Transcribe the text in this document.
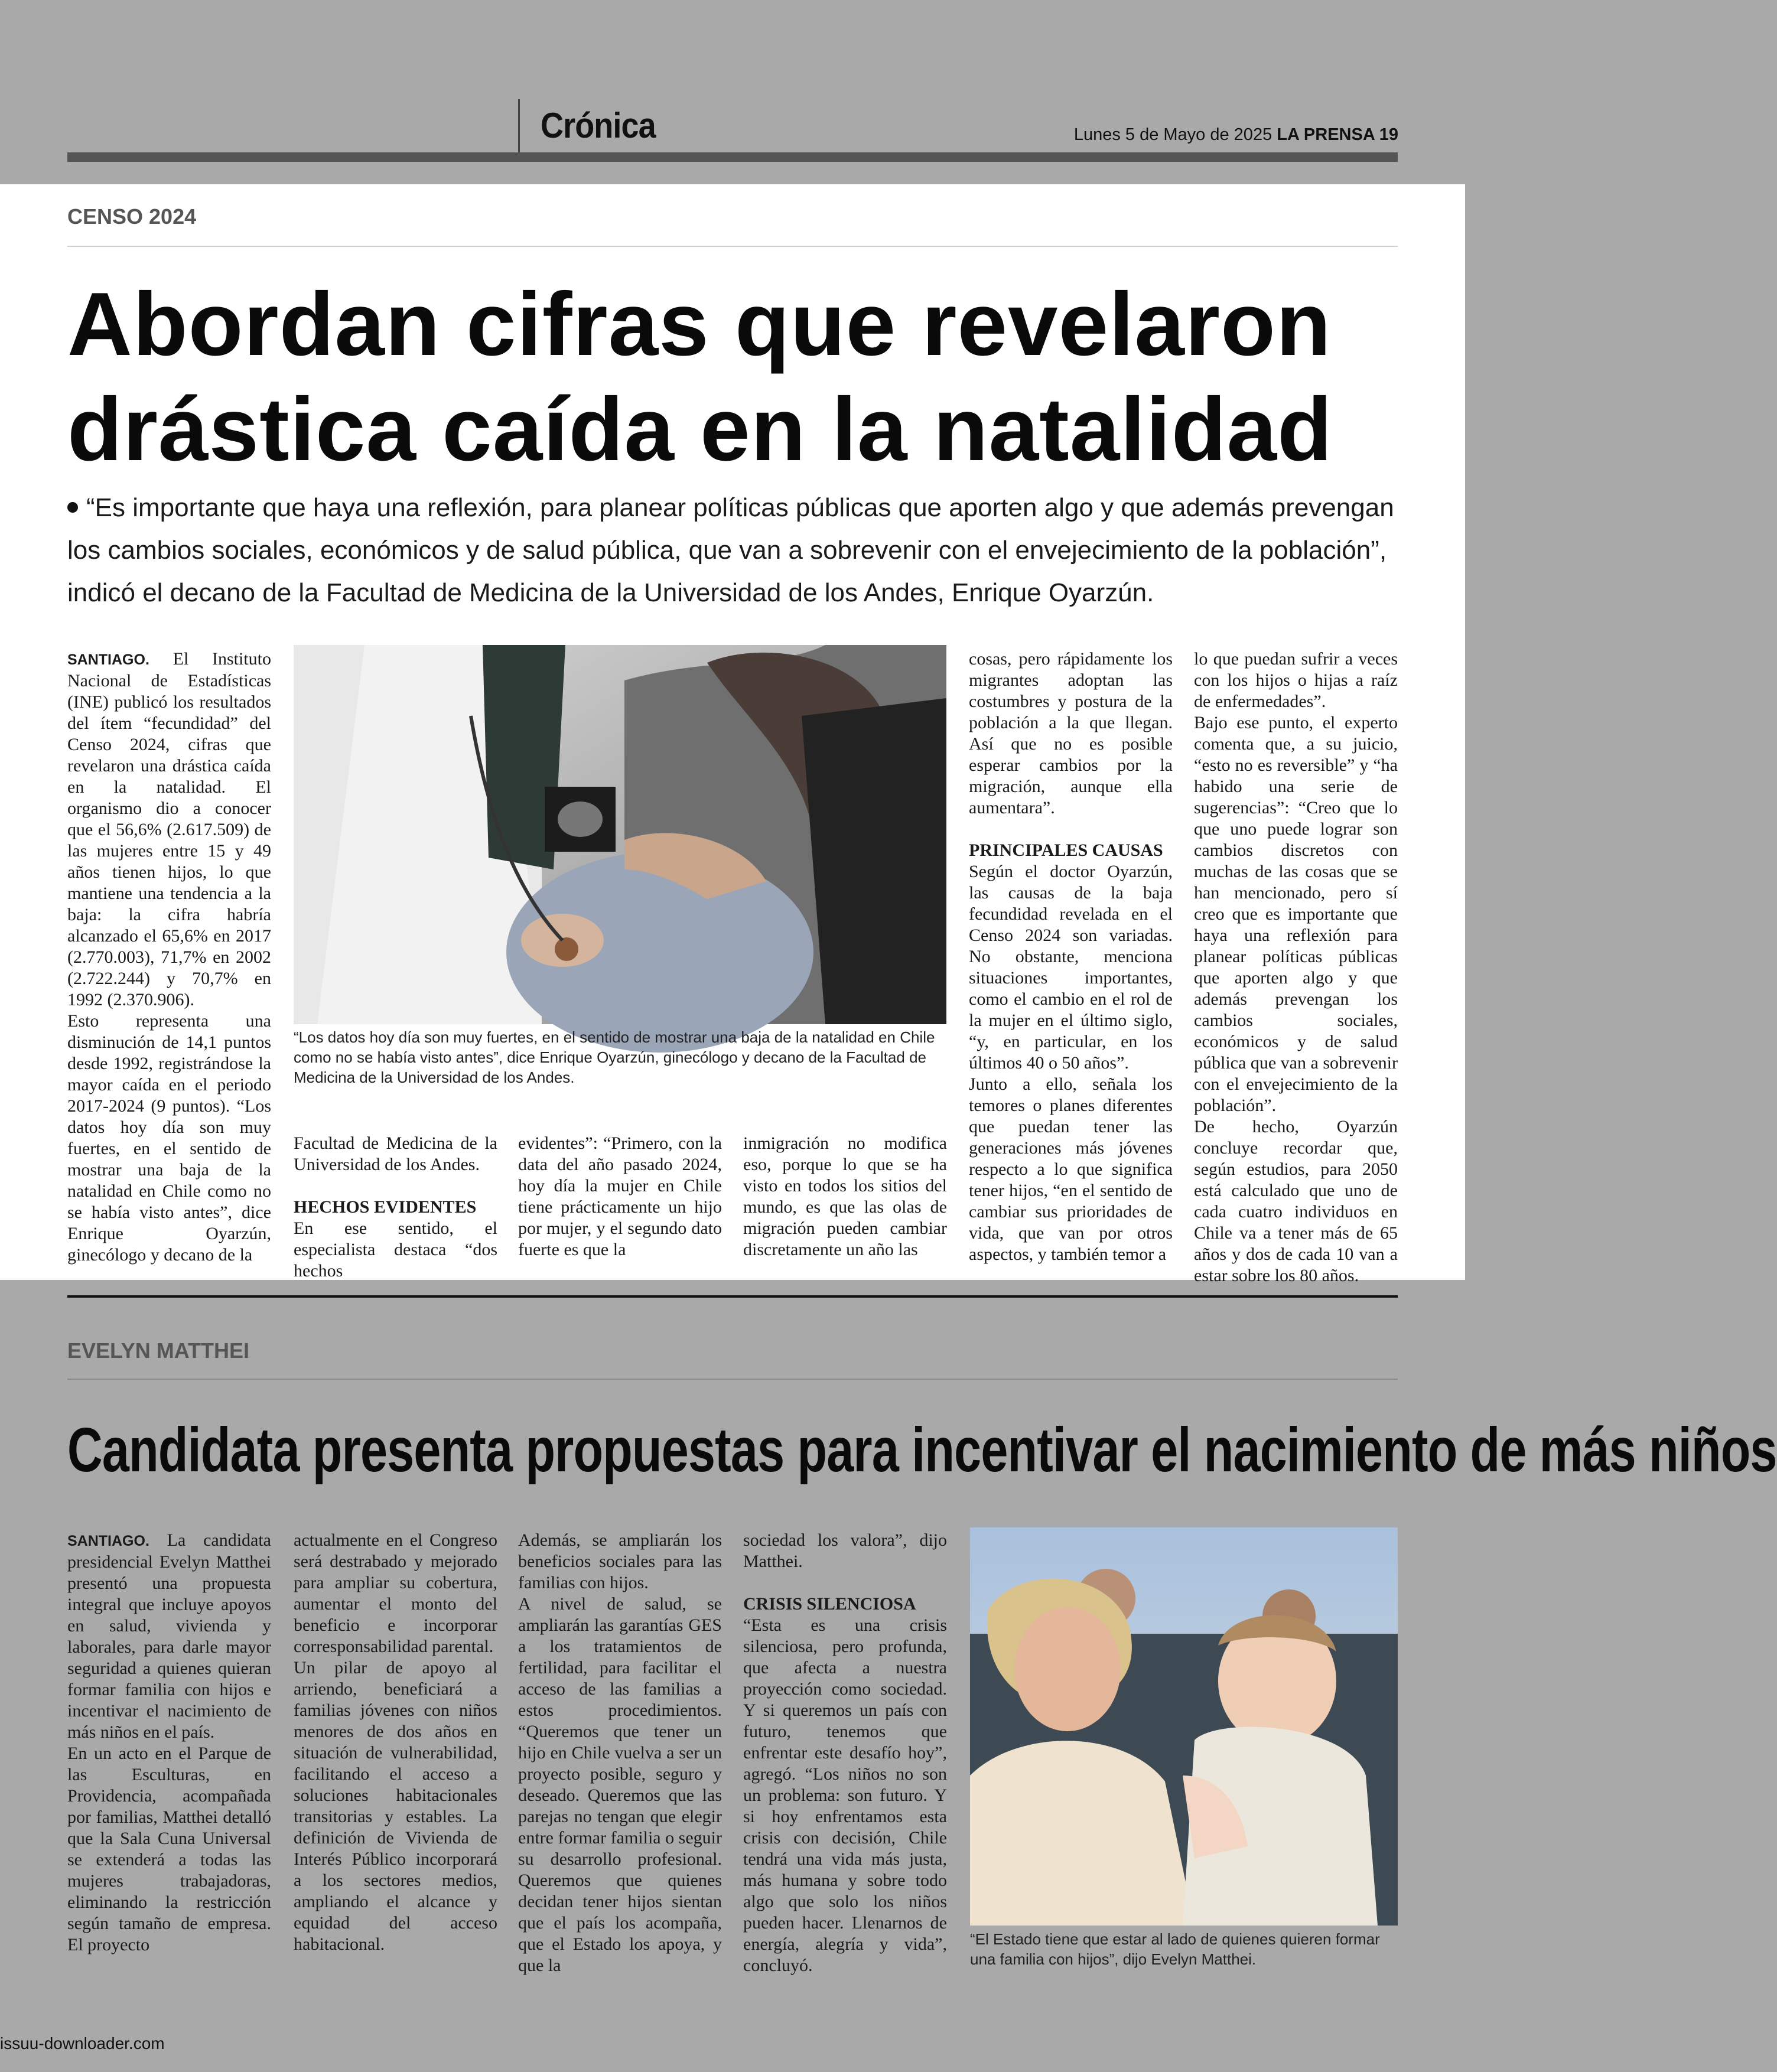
Crónica	Lunes 5 de Mayo de 2025 LA PRENSA 19
CENSO 2024
Abordan cifras que revelaron
drástica caída en la natalidad
“Es importante que haya una reflexión, para planear políticas públicas que aporten algo y que además prevengan los cambios sociales, económicos y de salud pública, que van a sobrevenir con el envejecimiento de la población”, indicó el decano de la Facultad de Medicina de la Universidad de los Andes, Enrique Oyarzún.

SANTIAGO. El Instituto Nacional de Estadísticas (INE) publicó los resultados del ítem “fecundidad” del Censo 2024, cifras que revelaron una drástica caída en la natalidad. El organismo dio a conocer que el 56,6% (2.617.509) de las mujeres entre 15 y 49 años tienen hijos, lo que mantiene una tendencia a la baja: la cifra habría alcanzado el 65,6% en 2017 (2.770.003), 71,7% en 2002 (2.722.244) y 70,7% en 1992 (2.370.906).

Esto representa una disminución de 14,1 puntos desde 1992, registrándose la mayor caída en el periodo 2017-2024 (9 puntos). “Los datos hoy día son muy fuertes, en el sentido de mostrar una baja de la natalidad en Chile como no se había visto antes”, dice Enrique Oyarzún, ginecólogo y decano de la

“Los datos hoy día son muy fuertes, en el sentido de mostrar una baja de la natalidad en Chile como no se había visto antes”, dice Enrique Oyarzún, ginecólogo y decano de la Facultad de Medicina de la Universidad de los Andes.

Facultad de Medicina de la Universidad de los Andes.

HECHOS EVIDENTES

En ese sentido, el especialista destaca “dos hechos

evidentes”: “Primero, con la data del año pasado 2024, hoy día la mujer en Chile tiene prácticamente un hijo por mujer, y el segundo dato fuerte es que la

inmigración no modifica eso, porque lo que se ha visto en todos los sitios del mundo, es que las olas de migración pueden cambiar discretamente un año las

cosas, pero rápidamente los migrantes adoptan las costumbres y postura de la población a la que llegan. Así que no es posible esperar cambios por la migración, aunque ella aumentara”.

PRINCIPALES CAUSAS

Según el doctor Oyarzún, las causas de la baja fecundidad revelada en el Censo 2024 son variadas. No obstante, menciona situaciones importantes, como el cambio en el rol de la mujer en el último siglo, “y, en particular, en los últimos 40 o 50 años”.

Junto a ello, señala los temores o planes diferentes que puedan tener las generaciones más jóvenes respecto a lo que significa tener hijos, “en el sentido de cambiar sus prioridades de vida, que van por otros aspectos, y también temor a

lo que puedan sufrir a veces con los hijos o hijas a raíz de enfermedades”.

Bajo ese punto, el experto comenta que, a su juicio, “esto no es reversible” y “ha habido una serie de sugerencias”: “Creo que lo que uno puede lograr son cambios discretos con muchas de las cosas que se han mencionado, pero sí creo que es importante que haya una reflexión para planear políticas públicas que aporten algo y que además prevengan los cambios sociales, económicos y de salud pública que van a sobrevenir con el envejecimiento de la población”.

De hecho, Oyarzún concluye recordar que, según estudios, para 2050 está calculado que uno de cada cuatro individuos en Chile va a tener más de 65 años y dos de cada 10 van a estar sobre los 80 años.

EVELYN MATTHEI
Candidata presenta propuestas para incentivar el nacimiento de más niños

SANTIAGO. La candidata presidencial Evelyn Matthei presentó una propuesta integral que incluye apoyos en salud, vivienda y laborales, para darle mayor seguridad a quienes quieran formar familia con hijos e incentivar el nacimiento de más niños en el país.

En un acto en el Parque de las Esculturas, en Providencia, acompañada por familias, Matthei detalló que la Sala Cuna Universal se extenderá a todas las mujeres trabajadoras, eliminando la restricción según tamaño de empresa. El proyecto

actualmente en el Congreso será destrabado y mejorado para ampliar su cobertura, aumentar el monto del beneficio e incorporar corresponsabilidad parental.

Un pilar de apoyo al arriendo, beneficiará a familias jóvenes con niños menores de dos años en situación de vulnerabilidad, facilitando el acceso a soluciones habitacionales transitorias y estables. La definición de Vivienda de Interés Público incorporará a los sectores medios, ampliando el alcance y equidad del acceso habitacional.

Además, se ampliarán los beneficios sociales para las familias con hijos.

A nivel de salud, se ampliarán las garantías GES a los tratamientos de fertilidad, para facilitar el acceso de las familias a estos procedimientos. “Queremos que tener un hijo en Chile vuelva a ser un proyecto posible, seguro y deseado. Queremos que las parejas no tengan que elegir entre formar familia o seguir su desarrollo profesional. Queremos que quienes decidan tener hijos sientan que el país los acompaña, que el Estado los apoya, y que la

sociedad los valora”, dijo Matthei.

CRISIS SILENCIOSA

“Esta es una crisis silenciosa, pero profunda, que afecta a nuestra proyección como sociedad. Y si queremos un país con futuro, tenemos que enfrentar este desafío hoy”, agregó. “Los niños no son un problema: son futuro. Y si hoy enfrentamos esta crisis con decisión, Chile tendrá una vida más justa, más humana y sobre todo algo que solo los niños pueden hacer. Llenarnos de energía, alegría y vida”, concluyó.

“El Estado tiene que estar al lado de quienes quieren formar una familia con hijos”, dijo Evelyn Matthei.
issuu-downloader.com
